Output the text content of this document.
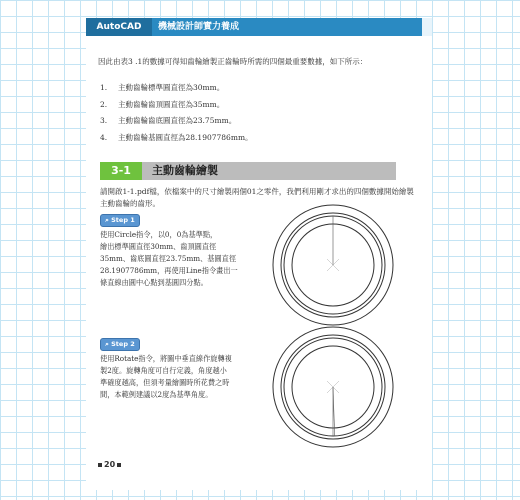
AutoCAD	機械設計師實力養成
因此由表3 .1的數據可得知齒輪繪製正齒輪時所需的四個最重要數據，如下所示：
1. 主動齒輪標準圓直徑為30mm。
2. 主動齒輪齒頂圓直徑為35mm。
3. 主動齒輪齒底圓直徑為23.75mm。
4. 主動齒輪基圓直徑為28.1907786mm。
3-1	主動齒輪繪製
請開啟1-1.pdf檔，依檔案中的尺寸繪製兩個01之零件，我們利用剛才求出的四個數據開始繪製主動齒輪的齒形。
⌕ Step 1
使用Circle指令，以0，0為基準點，
繪出標準圓直徑30mm、齒頂圓直徑
35mm、齒底圓直徑23.75mm、基圓直徑
28.1907786mm，再使用Line指令畫出一
條直線由圓中心點到基圓四分點。
⌕ Step 2
使用Rotate指令，將圖中垂直線作旋轉複
製2度。旋轉角度可自行定義，角度越小
準確度越高，但須考量繪圖時所花費之時
間，本範例建議以2度為基準角度。
20
